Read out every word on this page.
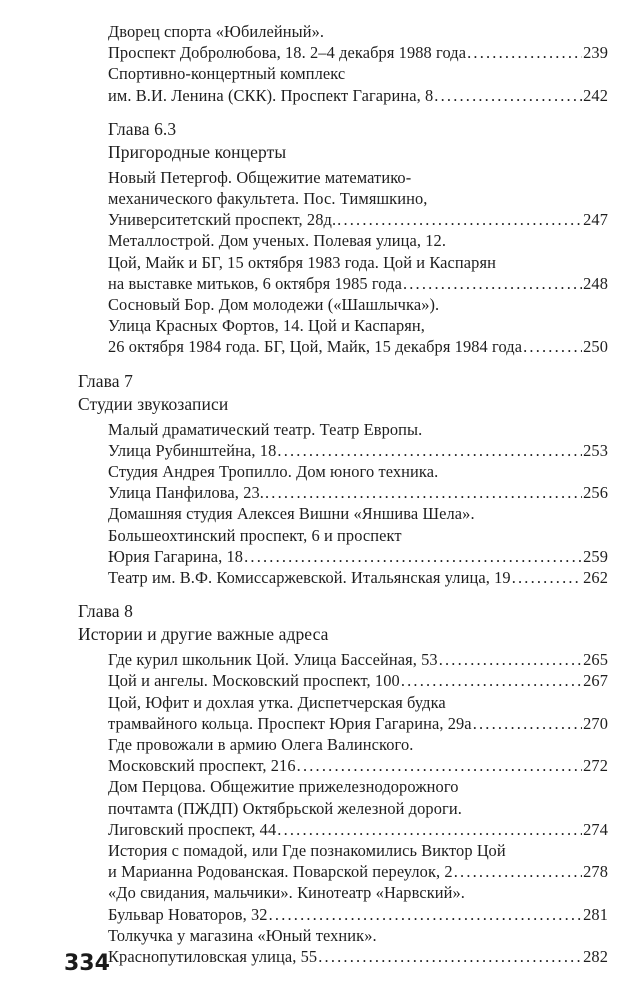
Дворец спорта «Юбилейный».
Проспект Добролюбова, 18. 2–4 декабря 1988 года .....	239
Спортивно-концертный комплекс
им. В.И. Ленина (СКК). Проспект Гагарина, 8 .....	242
Глава 6.3
Пригородные концерты
Новый Петергоф. Общежитие математико-
механического факультета. Пос. Тимяшкино,
Университетский проспект, 28д. .....	247
Металлострой. Дом ученых. Полевая улица, 12.
Цой, Майк и БГ, 15 октября 1983 года. Цой и Каспарян
на выставке митьков, 6 октября 1985 года .....	248
Сосновый Бор. Дом молодежи («Шашлычка»).
Улица Красных Фортов, 14. Цой и Каспарян,
26 октября 1984 года. БГ, Цой, Майк, 15 декабря 1984 года .....	250
Глава 7
Студии звукозаписи
Малый драматический театр. Театр Европы.
Улица Рубинштейна, 18 .....	253
Студия Андрея Тропилло. Дом юного техника.
Улица Панфилова, 23. .....	256
Домашняя студия Алексея Вишни «Яншива Шела».
Большеохтинский проспект, 6 и проспект
Юрия Гагарина, 18 .....	259
Театр им. В.Ф. Комиссаржевской. Итальянская улица, 19 .....	262
Глава 8
Истории и другие важные адреса
Где курил школьник Цой. Улица Бассейная, 53 .....	265
Цой и ангелы. Московский проспект, 100 .....	267
Цой, Юфит и дохлая утка. Диспетчерская будка
трамвайного кольца. Проспект Юрия Гагарина, 29а .....	270
Где провожали в армию Олега Валинского.
Московский проспект, 216 .....	272
Дом Перцова. Общежитие прижелезнодорожного
почтамта (ПЖДП) Октябрьской железной дороги.
Лиговский проспект, 44 .....	274
История с помадой, или Где познакомились Виктор Цой
и Марианна Родованская. Поварской переулок, 2 .....	278
«До свидания, мальчики». Кинотеатр «Нарвский».
Бульвар Новаторов, 32 .....	281
Толкучка у магазина «Юный техник».
Краснопутиловская улица, 55 .....	282
334
